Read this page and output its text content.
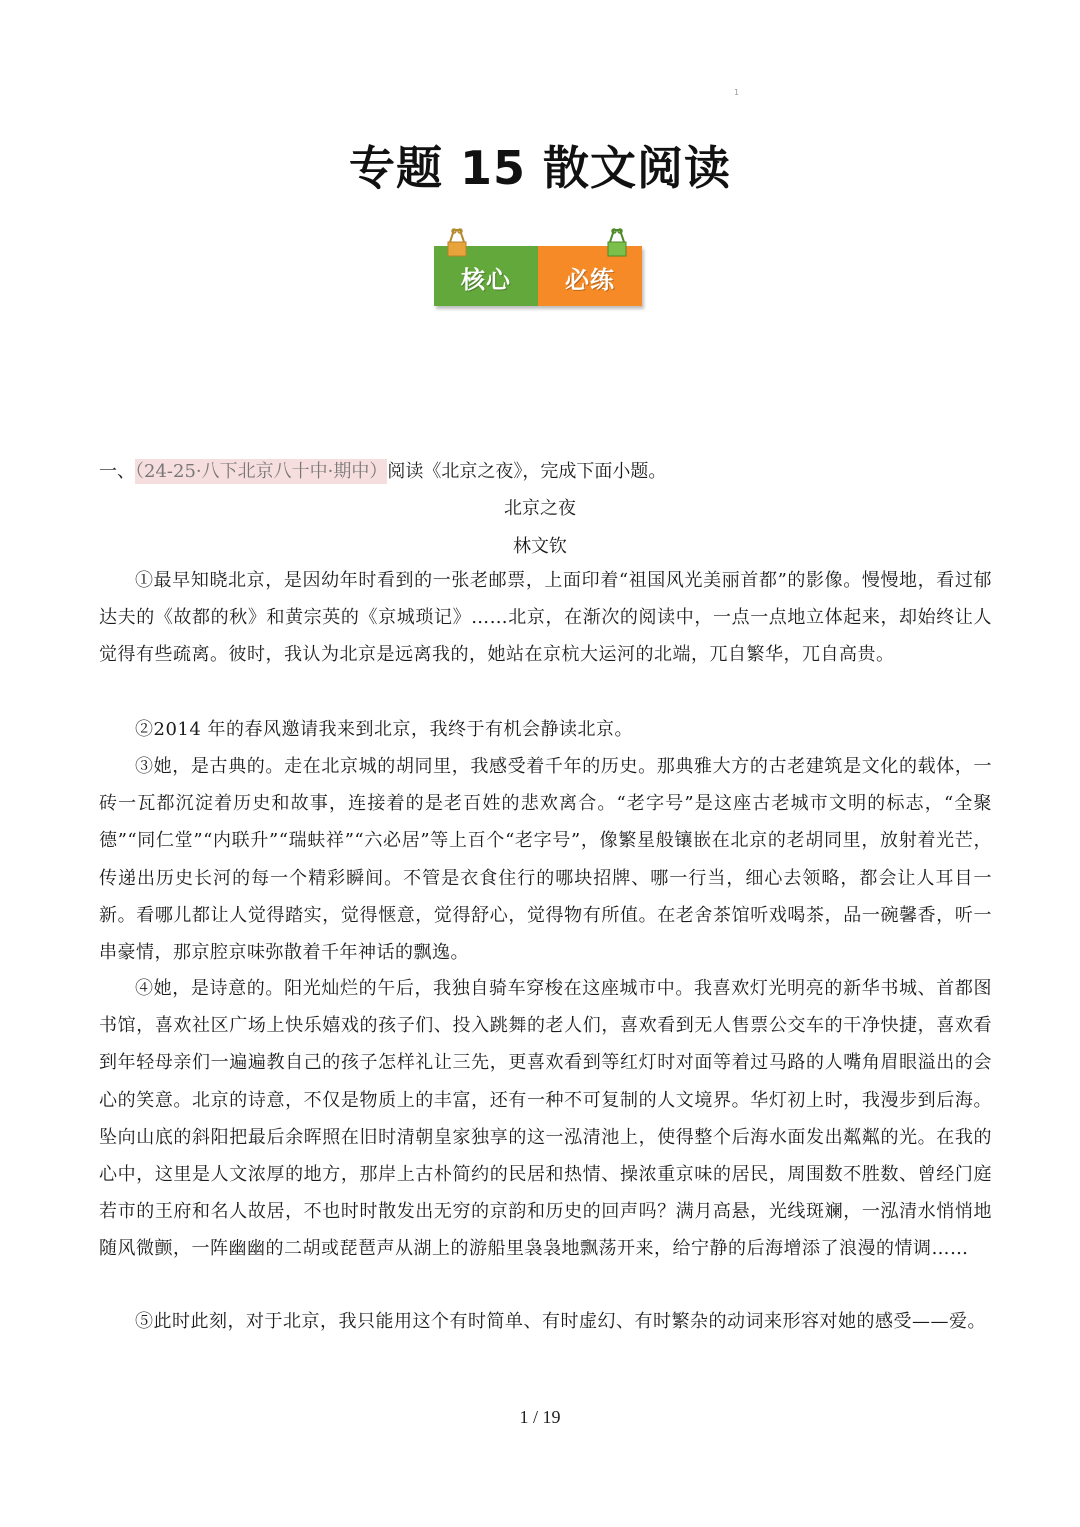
1
专题 15 散文阅读
核心	必练
一、（24-25·八下北京八十中·期中）阅读《北京之夜》，完成下面小题。
北京之夜
林文钦
①最早知晓北京，是因幼年时看到的一张老邮票，上面印着“祖国风光美丽首都”的影像。慢慢地，看过郁达夫的《故都的秋》和黄宗英的《京城琐记》……北京，在渐次的阅读中，一点一点地立体起来，却始终让人觉得有些疏离。彼时，我认为北京是远离我的，她站在京杭大运河的北端，兀自繁华，兀自高贵。
②2014 年的春风邀请我来到北京，我终于有机会静读北京。
③她，是古典的。走在北京城的胡同里，我感受着千年的历史。那典雅大方的古老建筑是文化的载体，一砖一瓦都沉淀着历史和故事，连接着的是老百姓的悲欢离合。“老字号”是这座古老城市文明的标志，“全聚德”“同仁堂”“内联升”“瑞蚨祥”“六必居”等上百个“老字号”，像繁星般镶嵌在北京的老胡同里，放射着光芒，传递出历史长河的每一个精彩瞬间。不管是衣食住行的哪块招牌、哪一行当，细心去领略，都会让人耳目一新。看哪儿都让人觉得踏实，觉得惬意，觉得舒心，觉得物有所值。在老舍茶馆听戏喝茶，品一碗馨香，听一串豪情，那京腔京味弥散着千年神话的飘逸。
④她，是诗意的。阳光灿烂的午后，我独自骑车穿梭在这座城市中。我喜欢灯光明亮的新华书城、首都图书馆，喜欢社区广场上快乐嬉戏的孩子们、投入跳舞的老人们，喜欢看到无人售票公交车的干净快捷，喜欢看到年轻母亲们一遍遍教自己的孩子怎样礼让三先，更喜欢看到等红灯时对面等着过马路的人嘴角眉眼溢出的会心的笑意。北京的诗意，不仅是物质上的丰富，还有一种不可复制的人文境界。华灯初上时，我漫步到后海。坠向山底的斜阳把最后余晖照在旧时清朝皇家独享的这一泓清池上，使得整个后海水面发出粼粼的光。在我的心中，这里是人文浓厚的地方，那岸上古朴简约的民居和热情、操浓重京味的居民，周围数不胜数、曾经门庭若市的王府和名人故居，不也时时散发出无穷的京韵和历史的回声吗？满月高悬，光线斑斓，一泓清水悄悄地随风微颤，一阵幽幽的二胡或琵琶声从湖上的游船里袅袅地飘荡开来，给宁静的后海增添了浪漫的情调……
⑤此时此刻，对于北京，我只能用这个有时简单、有时虚幻、有时繁杂的动词来形容对她的感受——爱。
1 / 19
